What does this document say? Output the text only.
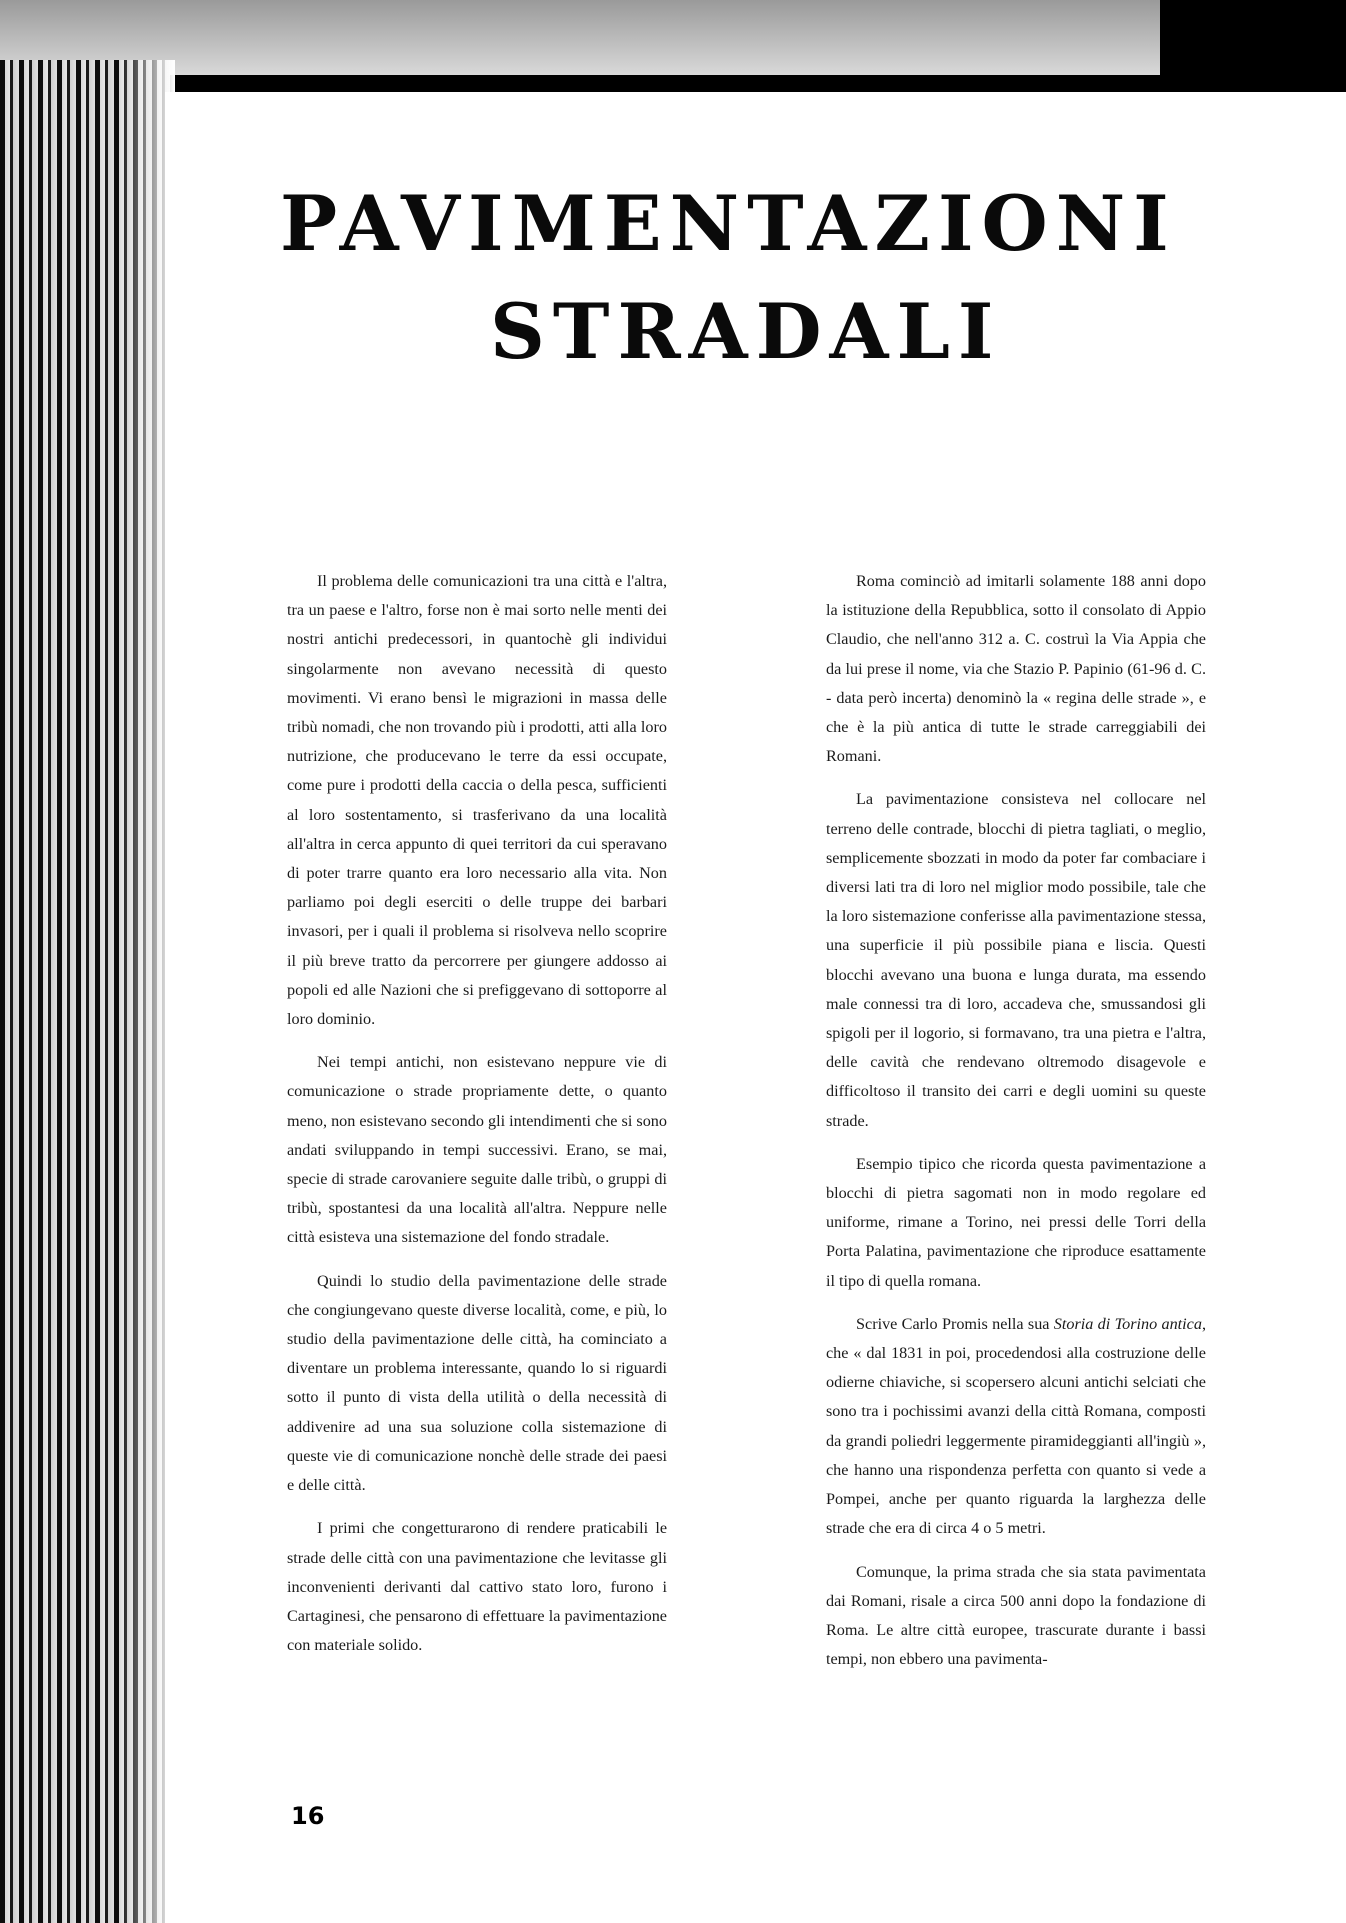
PAVIMENTAZIONI
STRADALI

Il problema delle comunicazioni tra una città e l'altra, tra un paese e l'altro, forse non è mai sorto nelle menti dei nostri antichi predecessori, in quantochè gli individui singolarmente non avevano necessità di questo movimenti. Vi erano bensì le migrazioni in massa delle tribù nomadi, che non trovando più i prodotti, atti alla loro nutrizione, che producevano le terre da essi occupate, come pure i prodotti della caccia o della pesca, sufficienti al loro sostentamento, si trasferivano da una località all'altra in cerca appunto di quei territori da cui speravano di poter trarre quanto era loro necessario alla vita. Non parliamo poi degli eserciti o delle truppe dei barbari invasori, per i quali il problema si risolveva nello scoprire il più breve tratto da percorrere per giungere addosso ai popoli ed alle Nazioni che si prefiggevano di sottoporre al loro dominio.

Nei tempi antichi, non esistevano neppure vie di comunicazione o strade propriamente dette, o quanto meno, non esistevano secondo gli intendimenti che si sono andati sviluppando in tempi successivi. Erano, se mai, specie di strade carovaniere seguite dalle tribù, o gruppi di tribù, spostantesi da una località all'altra. Neppure nelle città esisteva una sistemazione del fondo stradale.

Quindi lo studio della pavimentazione delle strade che congiungevano queste diverse località, come, e più, lo studio della pavimentazione delle città, ha cominciato a diventare un problema interessante, quando lo si riguardi sotto il punto di vista della utilità o della necessità di addivenire ad una sua soluzione colla sistemazione di queste vie di comunicazione nonchè delle strade dei paesi e delle città.

I primi che congetturarono di rendere praticabili le strade delle città con una pavimentazione che levitasse gli inconvenienti derivanti dal cattivo stato loro, furono i Cartaginesi, che pensarono di effettuare la pavimentazione con materiale solido.

Roma cominciò ad imitarli solamente 188 anni dopo la istituzione della Repubblica, sotto il consolato di Appio Claudio, che nell'anno 312 a. C. costruì la Via Appia che da lui prese il nome, via che Stazio P. Papinio (61-96 d. C. - data però incerta) denominò la « regina delle strade », e che è la più antica di tutte le strade carreggiabili dei Romani.

La pavimentazione consisteva nel collocare nel terreno delle contrade, blocchi di pietra tagliati, o meglio, semplicemente sbozzati in modo da poter far combaciare i diversi lati tra di loro nel miglior modo possibile, tale che la loro sistemazione conferisse alla pavimentazione stessa, una superficie il più possibile piana e liscia. Questi blocchi avevano una buona e lunga durata, ma essendo male connessi tra di loro, accadeva che, smussandosi gli spigoli per il logorio, si formavano, tra una pietra e l'altra, delle cavità che rendevano oltremodo disagevole e difficoltoso il transito dei carri e degli uomini su queste strade.

Esempio tipico che ricorda questa pavimentazione a blocchi di pietra sagomati non in modo regolare ed uniforme, rimane a Torino, nei pressi delle Torri della Porta Palatina, pavimentazione che riproduce esattamente il tipo di quella romana.

Scrive Carlo Promis nella sua Storia di Torino antica, che « dal 1831 in poi, procedendosi alla costruzione delle odierne chiaviche, si scopersero alcuni antichi selciati che sono tra i pochissimi avanzi della città Romana, composti da grandi poliedri leggermente piramideggianti all'ingiù », che hanno una rispondenza perfetta con quanto si vede a Pompei, anche per quanto riguarda la larghezza delle strade che era di circa 4 o 5 metri.

Comunque, la prima strada che sia stata pavimentata dai Romani, risale a circa 500 anni dopo la fondazione di Roma. Le altre città europee, trascurate durante i bassi tempi, non ebbero una pavimenta-

16
